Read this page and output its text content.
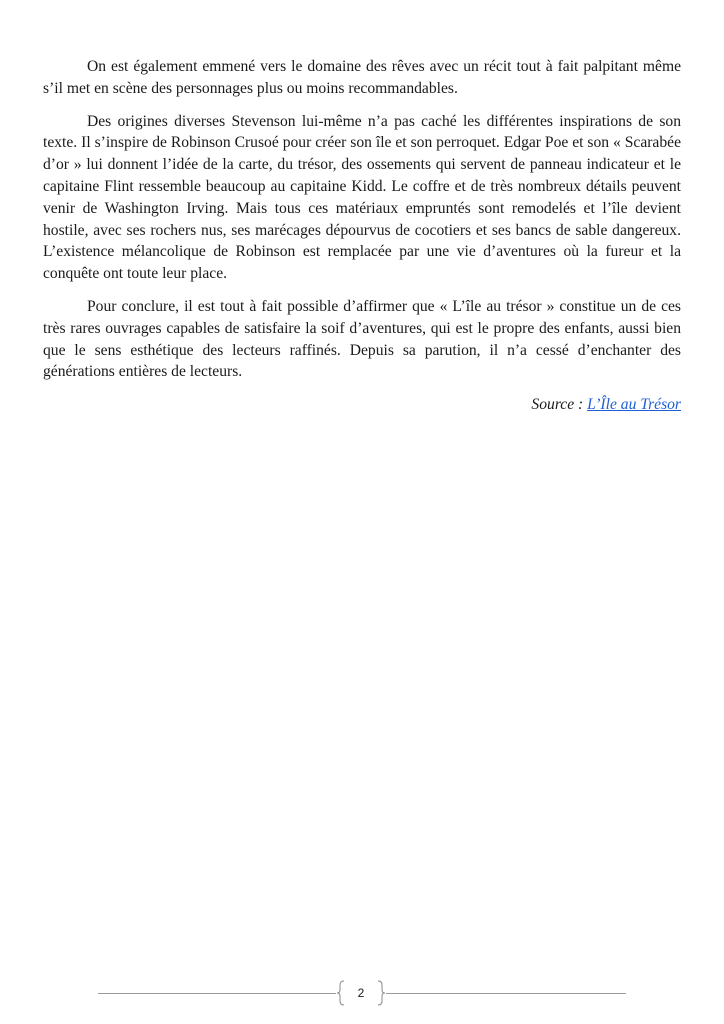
On est également emmené vers le domaine des rêves avec un récit tout à fait palpitant même s’il met en scène des personnages plus ou moins recommandables.

Des origines diverses Stevenson lui-même n’a pas caché les différentes inspirations de son texte. Il s’inspire de Robinson Crusoé pour créer son île et son perroquet. Edgar Poe et son « Scarabée d’or » lui donnent l’idée de la carte, du trésor, des ossements qui servent de panneau indicateur et le capitaine Flint ressemble beaucoup au capitaine Kidd. Le coffre et de très nombreux détails peuvent venir de Washington Irving. Mais tous ces matériaux empruntés sont remodelés et l’île devient hostile, avec ses rochers nus, ses marécages dépourvus de cocotiers et ses bancs de sable dangereux. L’existence mélancolique de Robinson est remplacée par une vie d’aventures où la fureur et la conquête ont toute leur place.

Pour conclure, il est tout à fait possible d’affirmer que « L’île au trésor » constitue un de ces très rares ouvrages capables de satisfaire la soif d’aventures, qui est le propre des enfants, aussi bien que le sens esthétique des lecteurs raffinés. Depuis sa parution, il n’a cessé d’enchanter des générations entières de lecteurs.

Source : L’Île au Trésor

2
